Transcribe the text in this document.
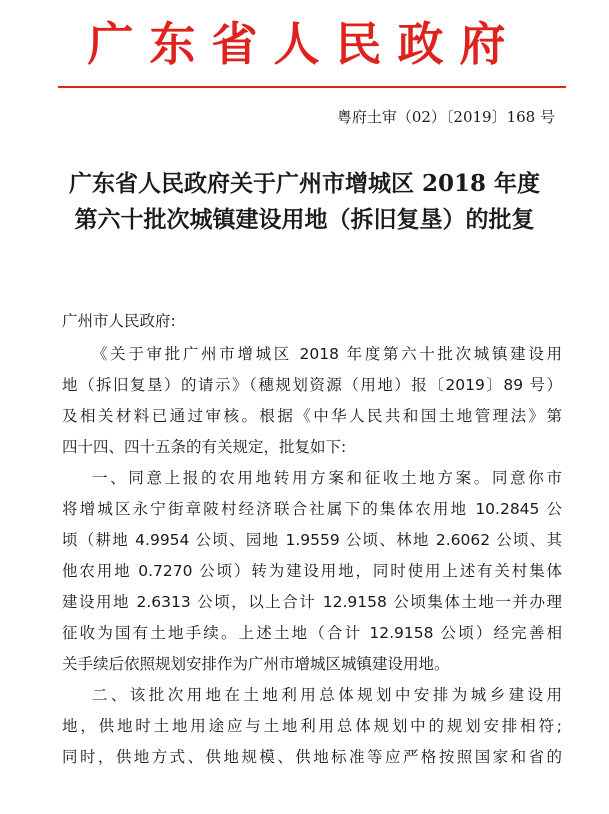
广东省人民政府
粤府土审（02）〔2019〕168 号
广东省人民政府关于广州市增城区 2018 年度
第六十批次城镇建设用地（拆旧复垦）的批复
广州市人民政府:
《关于审批广州市增城区 2018 年度第六十批次城镇建设用
地（拆旧复垦）的请示》（穗规划资源（用地）报〔2019〕89 号）
及相关材料已通过审核。根据《中华人民共和国土地管理法》第
四十四、四十五条的有关规定，批复如下:
一、同意上报的农用地转用方案和征收土地方案。同意你市
将增城区永宁街章陂村经济联合社属下的集体农用地 10.2845 公
顷（耕地 4.9954 公顷、园地 1.9559 公顷、林地 2.6062 公顷、其
他农用地 0.7270 公顷）转为建设用地，同时使用上述有关村集体
建设用地 2.6313 公顷，以上合计 12.9158 公顷集体土地一并办理
征收为国有土地手续。上述土地（合计 12.9158 公顷）经完善相
关手续后依照规划安排作为广州市增城区城镇建设用地。
二、该批次用地在土地利用总体规划中安排为城乡建设用
地，供地时土地用途应与土地利用总体规划中的规划安排相符;
同时，供地方式、供地规模、供地标准等应严格按照国家和省的
